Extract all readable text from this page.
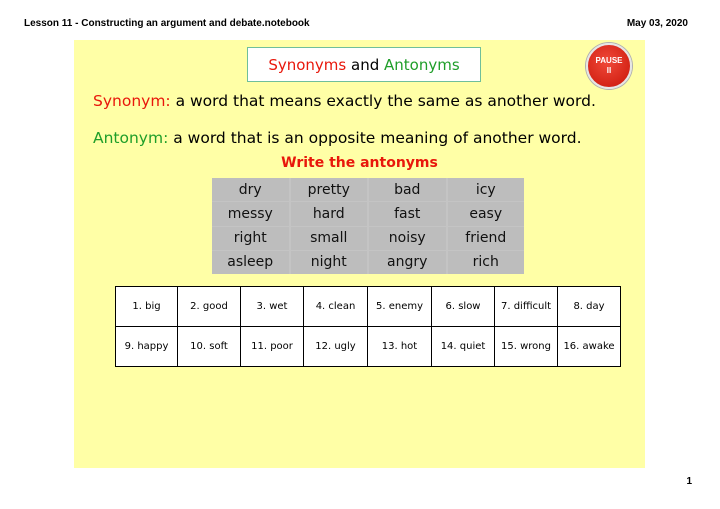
Lesson 11 - Constructing an argument and debate.notebook	May 03, 2020
Synonyms
and
Antonyms	PAUSE
II
Synonym: a word that means exactly the same as another word.
Antonym: a word that is an opposite meaning of another word.
Write the antonyms
dry	pretty	bad	icy
messy	hard	fast	easy
right	small	noisy	friend
asleep	night	angry	rich
1. big	2. good	3. wet	4. clean	5. enemy	6. slow	7. difficult	8. day
9. happy	10. soft	11. poor	12. ugly	13. hot	14. quiet	15. wrong	16. awake
1
